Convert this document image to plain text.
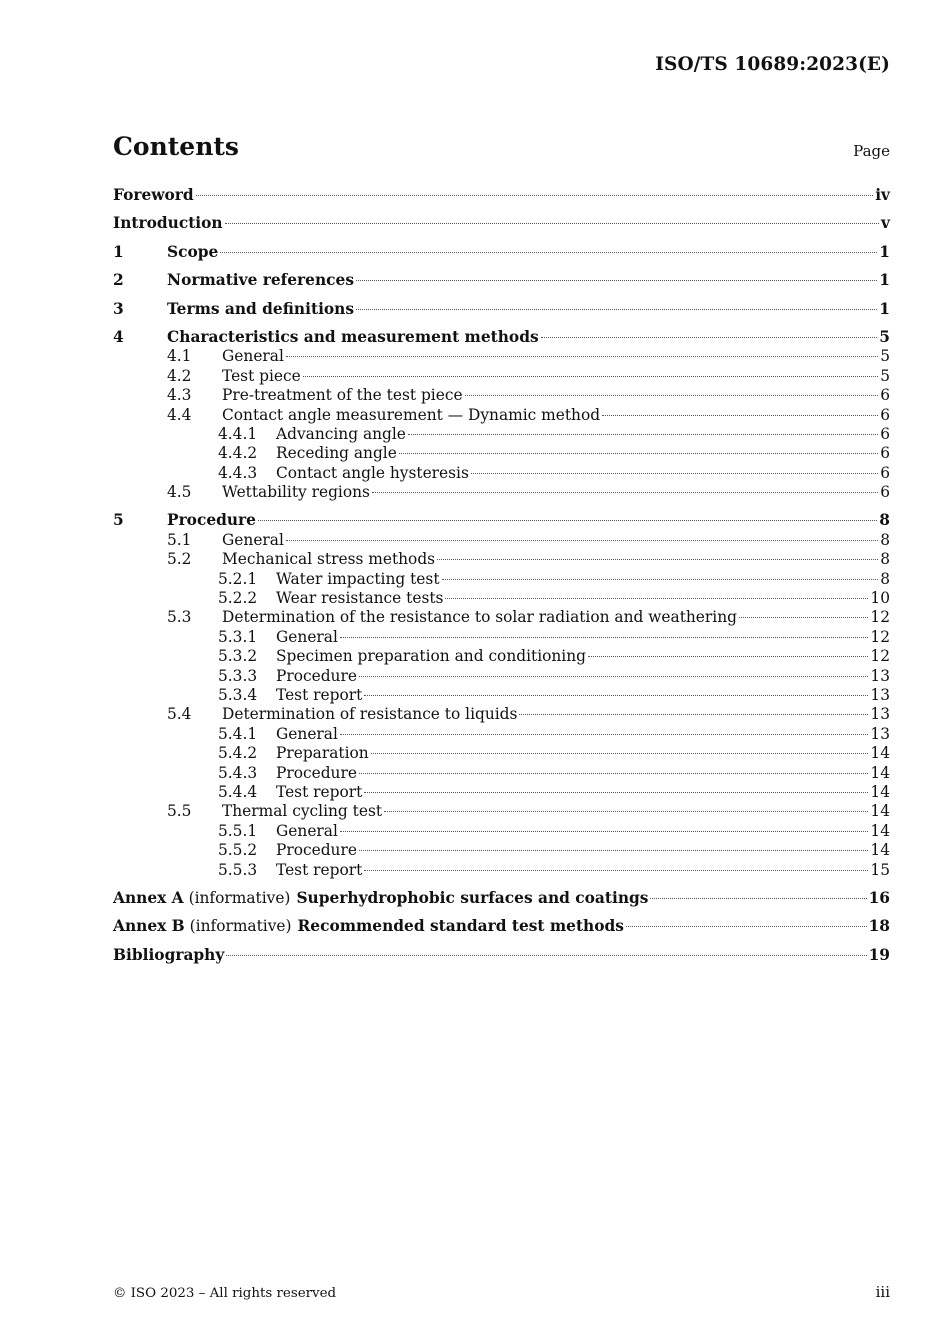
ISO/TS 10689:2023(E)
Contents	Page
Foreword	iv
Introduction	v
1	Scope	1
2	Normative references	1
3	Terms and definitions	1
4	Characteristics and measurement methods	5
4.1	General	5
4.2	Test piece	5
4.3	Pre-treatment of the test piece	6
4.4	Contact angle measurement — Dynamic method	6
4.4.1	Advancing angle	6
4.4.2	Receding angle	6
4.4.3	Contact angle hysteresis	6
4.5	Wettability regions	6
5	Procedure	8
5.1	General	8
5.2	Mechanical stress methods	8
5.2.1	Water impacting test	8
5.2.2	Wear resistance tests	10
5.3	Determination of the resistance to solar radiation and weathering	12
5.3.1	General	12
5.3.2	Specimen preparation and conditioning	12
5.3.3	Procedure	13
5.3.4	Test report	13
5.4	Determination of resistance to liquids	13
5.4.1	General	13
5.4.2	Preparation	14
5.4.3	Procedure	14
5.4.4	Test report	14
5.5	Thermal cycling test	14
5.5.1	General	14
5.5.2	Procedure	14
5.5.3	Test report	15
Annex A (informative) Superhydrophobic surfaces and coatings	16
Annex B (informative) Recommended standard test methods	18
Bibliography	19
© ISO 2023 – All rights reserved	iii
